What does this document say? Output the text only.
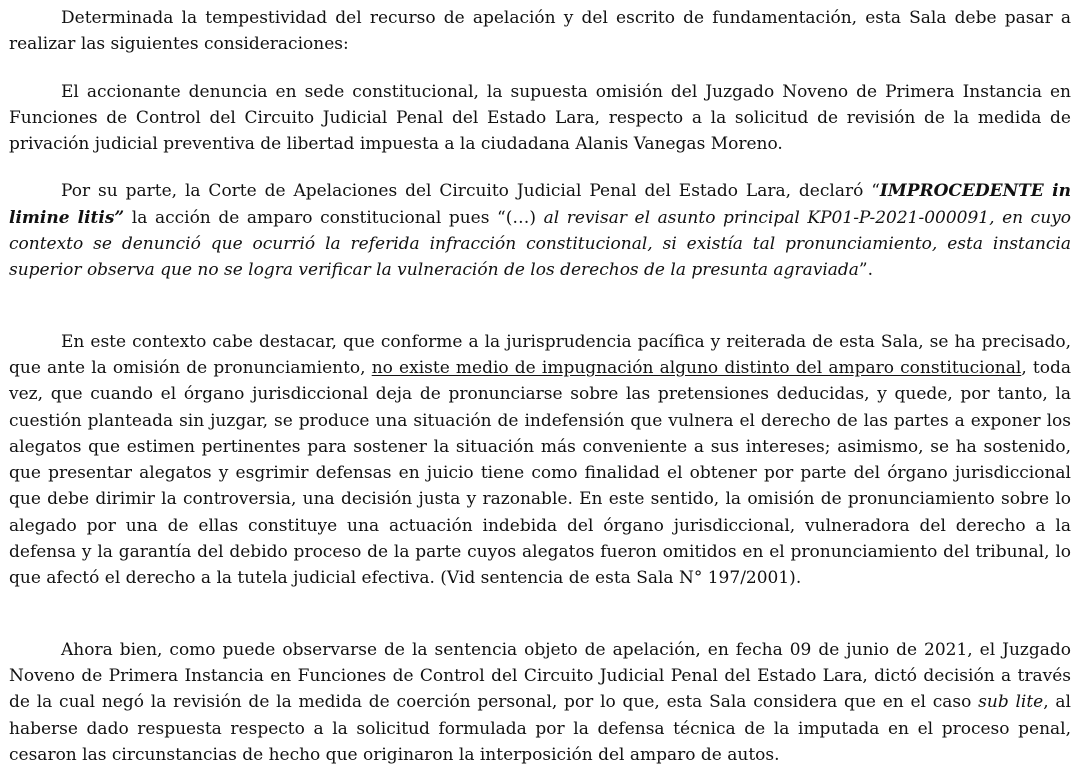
Determinada la tempestividad del recurso de apelación y del escrito de fundamentación, esta Sala debe pasar a realizar las siguientes consideraciones:

El accionante denuncia en sede constitucional, la supuesta omisión del Juzgado Noveno de Primera Instancia en Funciones de Control del Circuito Judicial Penal del Estado Lara, respecto a la solicitud de revisión de la medida de privación judicial preventiva de libertad impuesta a la ciudadana Alanis Vanegas Moreno.

Por su parte, la Corte de Apelaciones del Circuito Judicial Penal del Estado Lara, declaró “IMPROCEDENTE in limine litis” la acción de amparo constitucional pues “(…) al revisar el asunto principal KP01-P-2021-000091, en cuyo contexto se denunció que ocurrió la referida infracción constitucional, si existía tal pronunciamiento, esta instancia superior observa que no se logra verificar la vulneración de los derechos de la presunta agraviada”.

En este contexto cabe destacar, que conforme a la jurisprudencia pacífica y reiterada de esta Sala, se ha precisado, que ante la omisión de pronunciamiento, no existe medio de impugnación alguno distinto del amparo constitucional, toda vez, que cuando el órgano jurisdiccional deja de pronunciarse sobre las pretensiones deducidas, y quede, por tanto, la cuestión planteada sin juzgar, se produce una situación de indefensión que vulnera el derecho de las partes a exponer los alegatos que estimen pertinentes para sostener la situación más conveniente a sus intereses; asimismo, se ha sostenido, que presentar alegatos y esgrimir defensas en juicio tiene como finalidad el obtener por parte del órgano jurisdiccional que debe dirimir la controversia, una decisión justa y razonable. En este sentido, la omisión de pronunciamiento sobre lo alegado por una de ellas constituye una actuación indebida del órgano jurisdiccional, vulneradora del derecho a la defensa y la garantía del debido proceso de la parte cuyos alegatos fueron omitidos en el pronunciamiento del tribunal, lo que afectó el derecho a la tutela judicial efectiva. (Vid sentencia de esta Sala N° 197/2001).

Ahora bien, como puede observarse de la sentencia objeto de apelación, en fecha 09 de junio de 2021, el Juzgado Noveno de Primera Instancia en Funciones de Control del Circuito Judicial Penal del Estado Lara, dictó decisión a través de la cual negó la revisión de la medida de coerción personal, por lo que, esta Sala considera que en el caso sub lite, al haberse dado respuesta respecto a la solicitud formulada por la defensa técnica de la imputada en el proceso penal, cesaron las circunstancias de hecho que originaron la interposición del amparo de autos.
